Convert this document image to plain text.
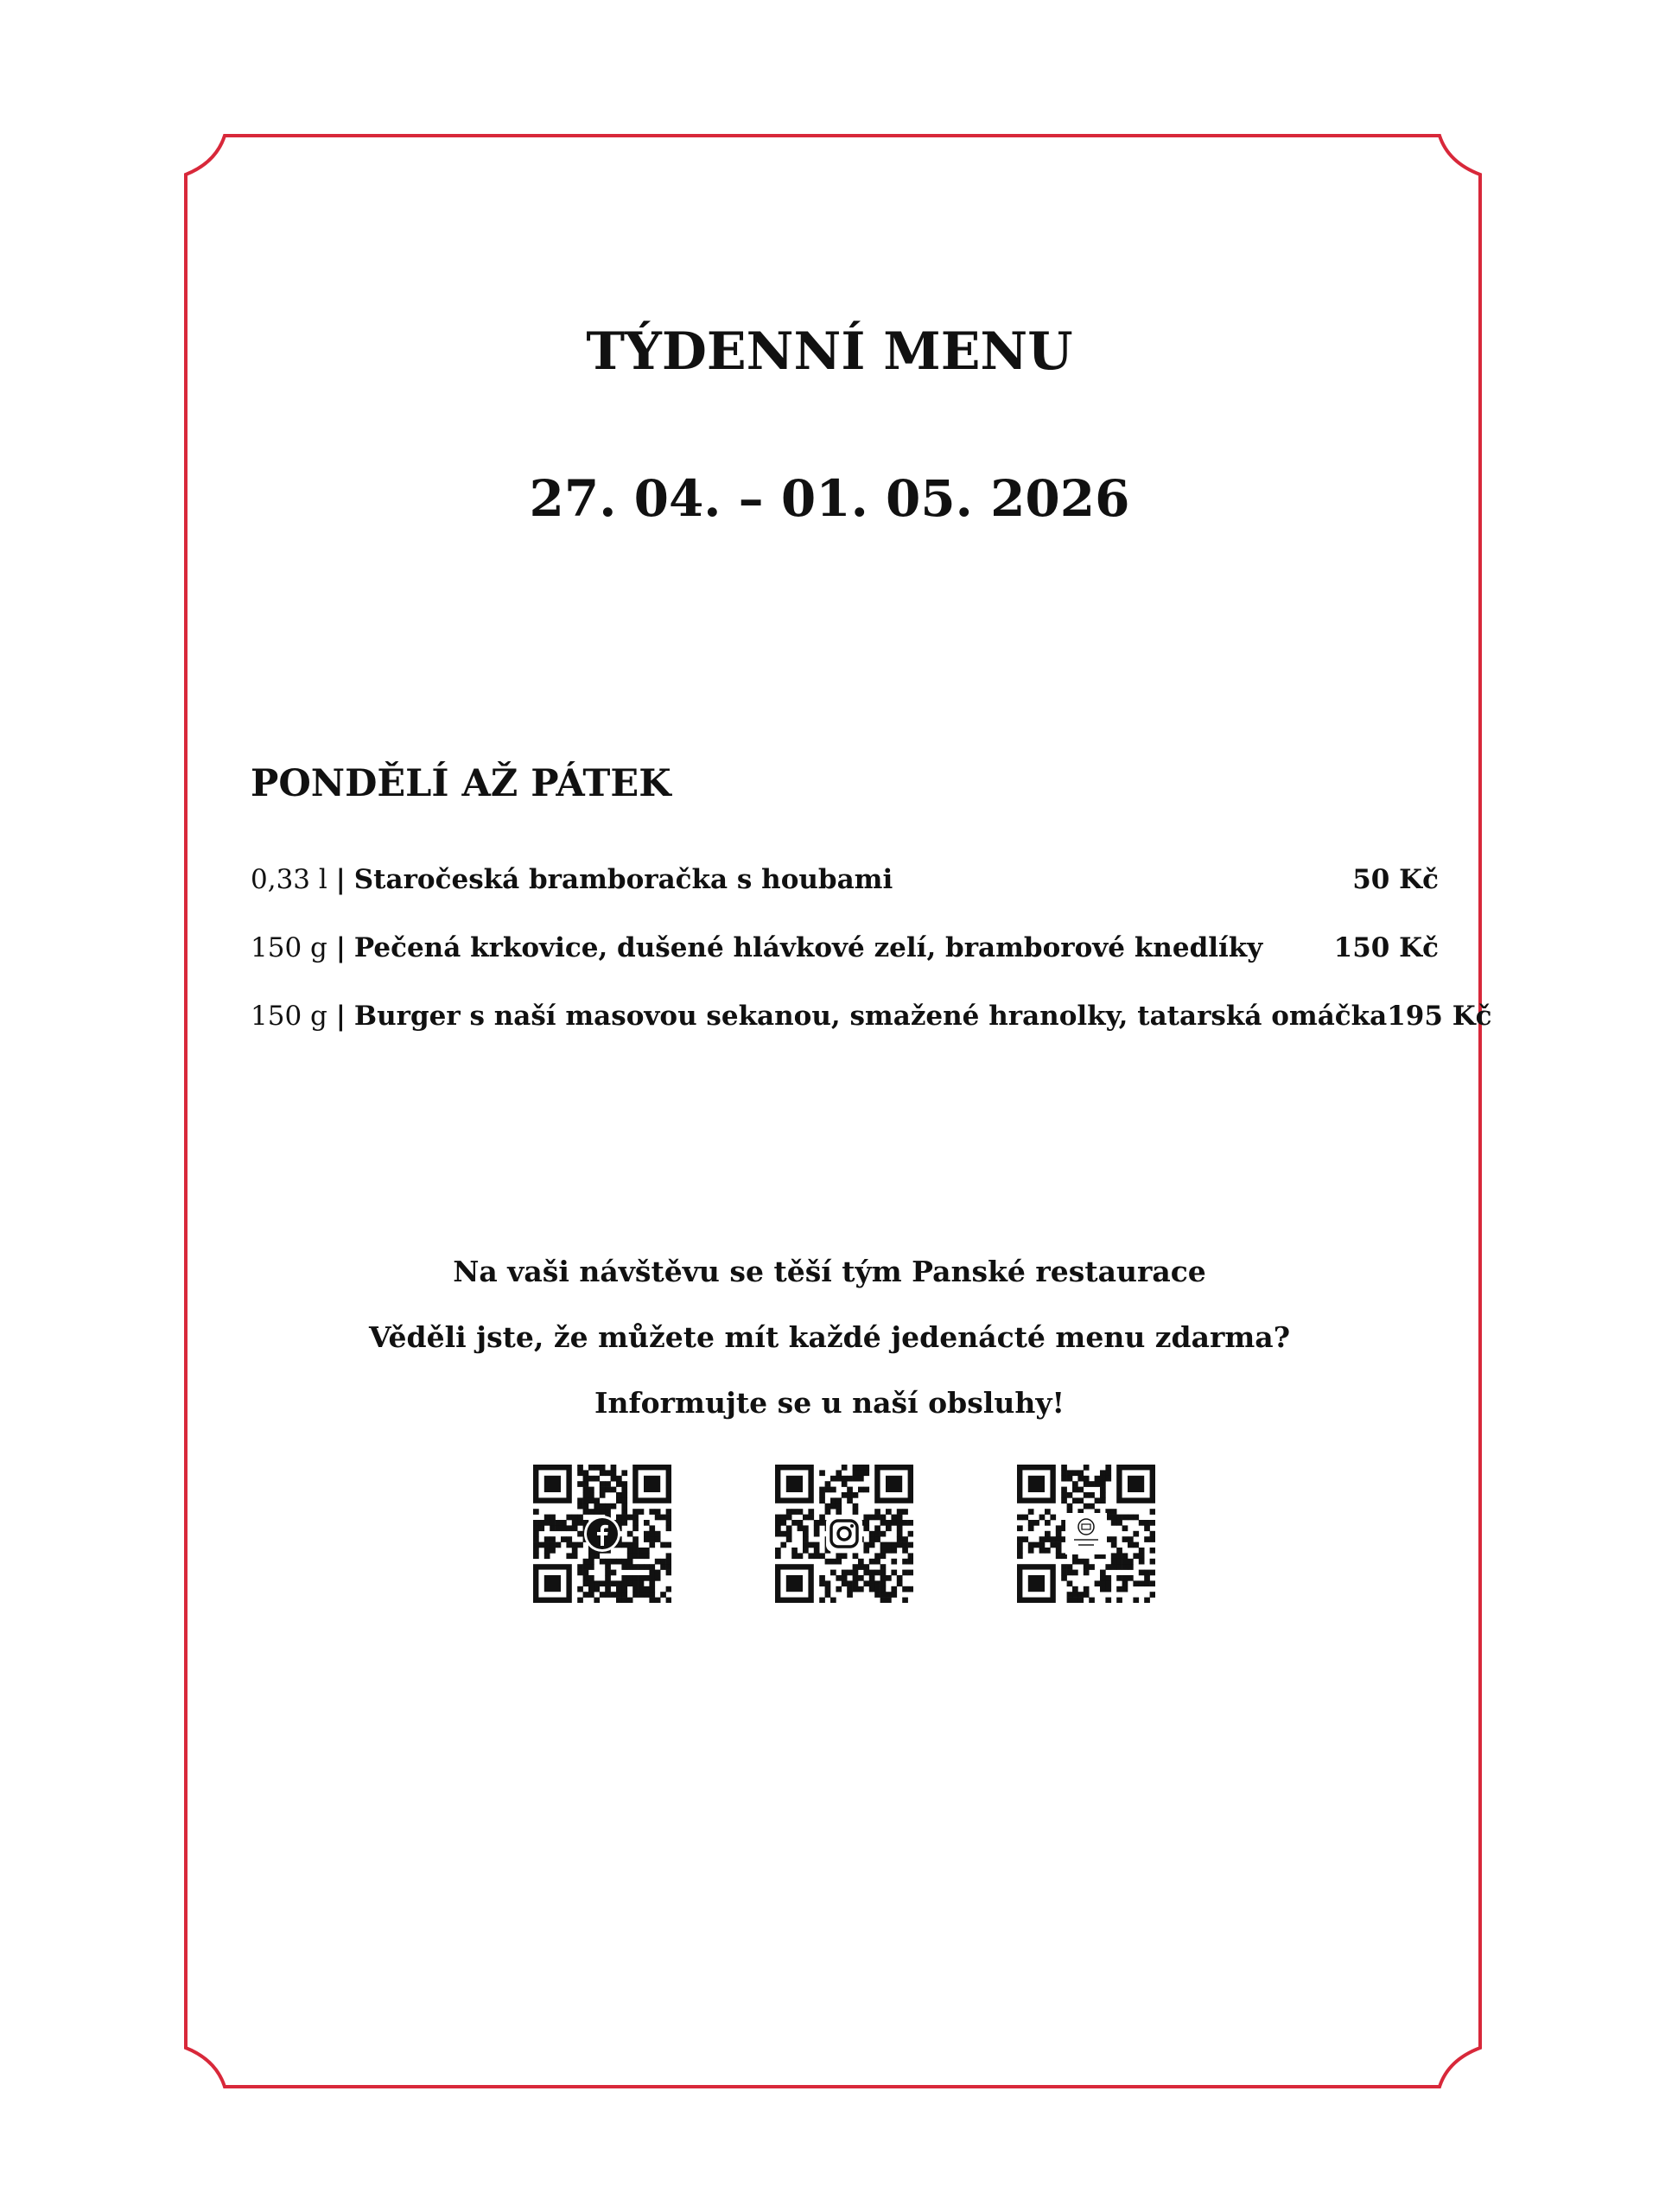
TÝDENNÍ MENU
27. 04. – 01. 05. 2026
PONDĚLÍ AŽ PÁTEK
0,33 l | Staročeská bramboračka s houbami	50 Kč
150 g | Pečená krkovice, dušené hlávkové zelí, bramborové knedlíky	150 Kč
150 g | Burger s naší masovou sekanou, smažené hranolky, tatarská omáčka 195 Kč
Na vaši návštěvu se těší tým Panské restaurace
Věděli jste, že můžete mít každé jedenácté menu zdarma?
Informujte se u naší obsluhy!
